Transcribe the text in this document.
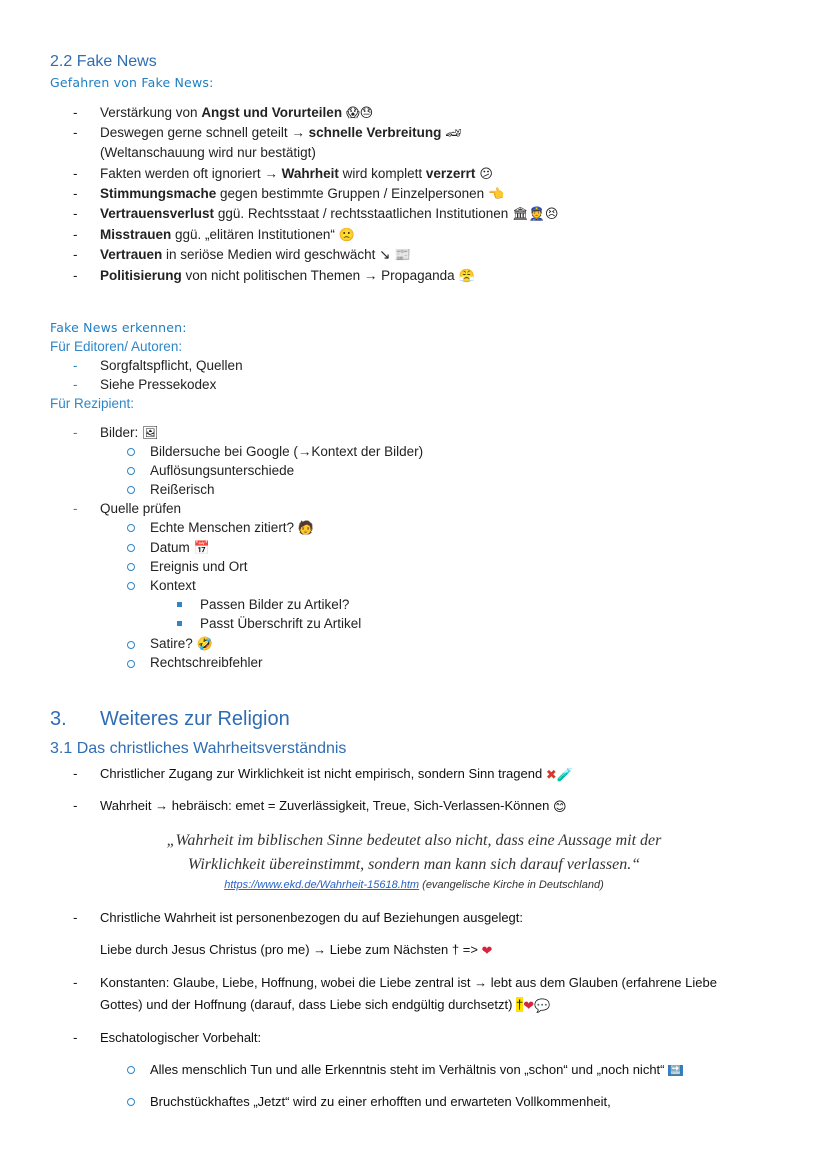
2.2 Fake News
Gefahren von Fake News:
- Verstärkung von Angst und Vorurteilen 😱😓
- Deswegen gerne schnell geteilt → schnelle Verbreitung 🏎
(Weltanschauung wird nur bestätigt)
- Fakten werden oft ignoriert → Wahrheit wird komplett verzerrt 😕
- Stimmungsmache gegen bestimmte Gruppen / Einzelpersonen 👈
- Vertrauensverlust ggü. Rechtsstaat / rechtsstaatlichen Institutionen 🏛👮😣
- Misstrauen ggü. „elitären Institutionen“ 🙁
- Vertrauen in seriöse Medien wird geschwächt ↘ 📰
- Politisierung von nicht politischen Themen → Propaganda 😤
Fake News erkennen:
Für Editoren/ Autoren:
- Sorgfaltspflicht, Quellen
- Siehe Pressekodex
Für Rezipient:
- Bilder: 🖼
Bildersuche bei Google (→Kontext der Bilder)
Auflösungsunterschiede
Reißerisch
- Quelle prüfen
Echte Menschen zitiert? 🧑
Datum 📅
Ereignis und Ort
Kontext
Passen Bilder zu Artikel?
Passt Überschrift zu Artikel
Satire? 🤣
Rechtschreibfehler
3. Weiteres zur Religion
3.1 Das christliches Wahrheitsverständnis
- Christlicher Zugang zur Wirklichkeit ist nicht empirisch, sondern Sinn tragend ✖🧪
- Wahrheit → hebräisch: emet = Zuverlässigkeit, Treue, Sich-Verlassen-Können 😊
„Wahrheit im biblischen Sinne bedeutet also nicht, dass eine Aussage mit der
Wirklichkeit übereinstimmt, sondern man kann sich darauf verlassen.“
https://www.ekd.de/Wahrheit-15618.htm (evangelische Kirche in Deutschland)
- Christliche Wahrheit ist personenbezogen du auf Beziehungen ausgelegt:
Liebe durch Jesus Christus (pro me) → Liebe zum Nächsten † => ❤
- Konstanten: Glaube, Liebe, Hoffnung, wobei die Liebe zentral ist → lebt aus dem Glauben (erfahrene Liebe
Gottes) und der Hoffnung (darauf, dass Liebe sich endgültig durchsetzt) †❤💬
- Eschatologischer Vorbehalt:
Alles menschlich Tun und alle Erkenntnis steht im Verhältnis von „schon“ und „noch nicht“ 🔜
Bruchstückhaftes „Jetzt“ wird zu einer erhofften und erwarteten Vollkommenheit,
